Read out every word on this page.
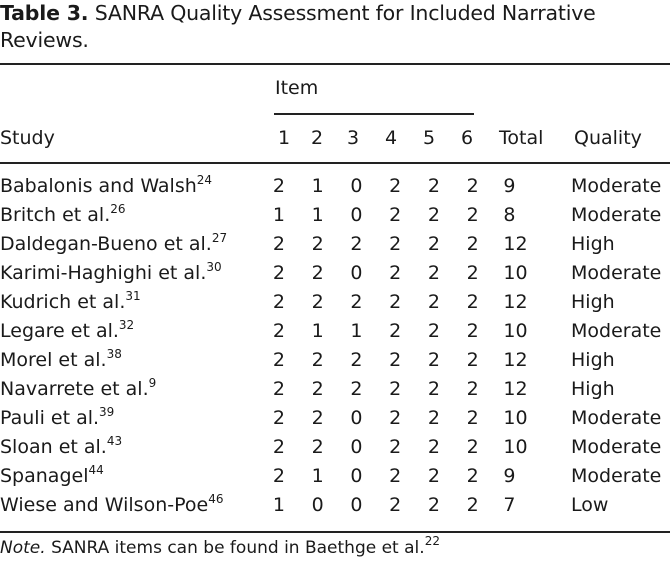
Table 3. SANRA Quality Assessment for Included Narrative Reviews.
Item
Study	1 2 3 4 5 6 Total Quality
Babalonis and Walsh$^{24}$	2	1	0	2	2	2	9	Moderate
Britch et al.$^{26}$	1	1	0	2	2	2	8	Moderate
Daldegan-Bueno et al.$^{27}$	2	2	2	2	2	2	12	High
Karimi-Haghighi et al.$^{30}$	2	2	0	2	2	2	10	Moderate
Kudrich et al.$^{31}$	2	2	2	2	2	2	12	High
Legare et al.$^{32}$	2	1	1	2	2	2	10	Moderate
Morel et al.$^{38}$	2	2	2	2	2	2	12	High
Navarrete et al.$^9$	2	2	2	2	2	2	12	High
Pauli et al.$^{39}$	2	2	0	2	2	2	10	Moderate
Sloan et al.$^{43}$	2	2	0	2	2	2	10	Moderate
Spanagel$^{44}$	2	1	0	2	2	2	9	Moderate
Wiese and Wilson-Poe$^{46}$	1	0	0	2	2	2	7	Low
Note. SANRA items can be found in Baethge et al.$^{22}$
